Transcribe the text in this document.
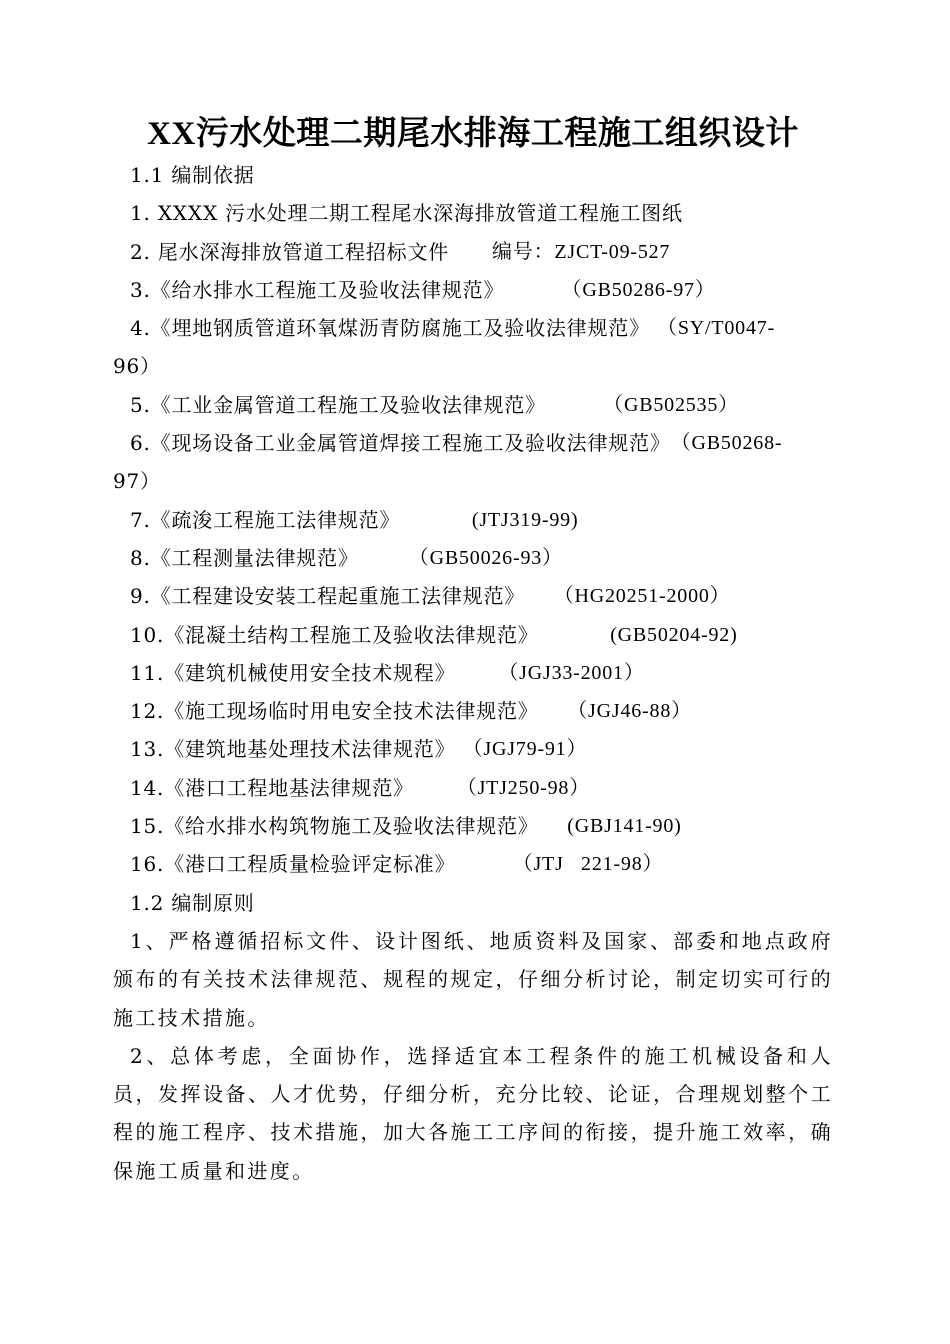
XX污水处理二期尾水排海工程施工组织设计

1.1 编制依据

1. XXXX 污水处理二期工程尾水深海排放管道工程施工图纸

2. 尾水深海排放管道工程招标文件 编号：ZJCT-09-527

3.《给水排水工程施工及验收法律规范》 （GB50286-97）

4.《埋地钢质管道环氧煤沥青防腐施工及验收法律规范》 （SY/T0047-

96）

5.《工业金属管道工程施工及验收法律规范》 （GB502535）

6.《现场设备工业金属管道焊接工程施工及验收法律规范》 （GB50268-

97）

7.《疏浚工程施工法律规范》 (JTJ319-99)

8.《工程测量法律规范》 （GB50026-93）

9.《工程建设安装工程起重施工法律规范》 （HG20251-2000）

10.《混凝土结构工程施工及验收法律规范》 (GB50204-92)

11.《建筑机械使用安全技术规程》 （JGJ33-2001）

12.《施工现场临时用电安全技术法律规范》 （JGJ46-88）

13.《建筑地基处理技术法律规范》 （JGJ79-91）

14.《港口工程地基法律规范》 （JTJ250-98）

15.《给水排水构筑物施工及验收法律规范》 (GBJ141-90)

16.《港口工程质量检验评定标准》 （JTJ   221-98）

1.2 编制原则

1、严格遵循招标文件、设计图纸、地质资料及国家、部委和地点政府颁布的有关技术法律规范、规程的规定，仔细分析讨论，制定切实可行的施工技术措施。

2、总体考虑，全面协作，选择适宜本工程条件的施工机械设备和人员，发挥设备、人才优势，仔细分析，充分比较、论证，合理规划整个工程的施工程序、技术措施，加大各施工工序间的衔接，提升施工效率，确保施工质量和进度。
